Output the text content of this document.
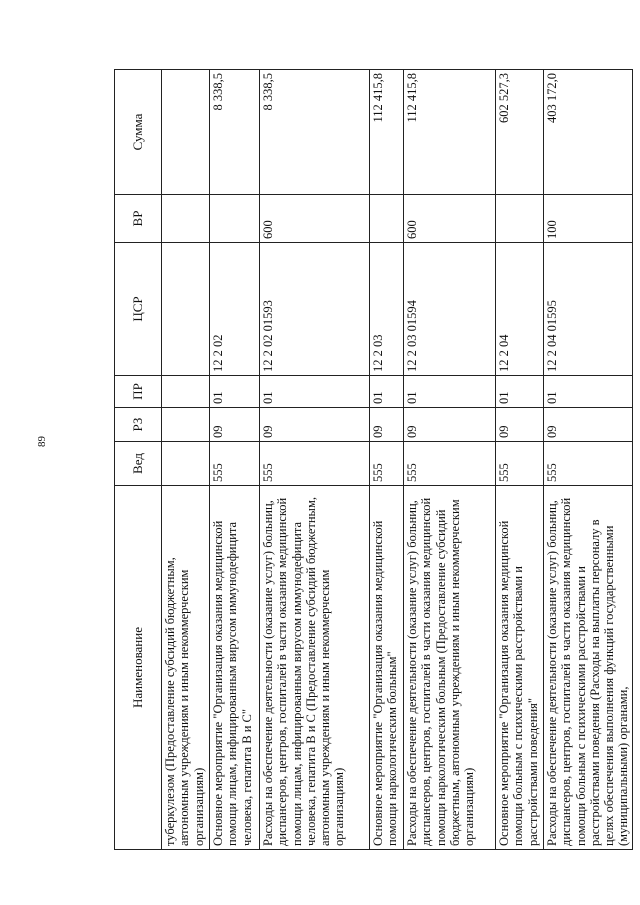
89
Наименование	Вед	РЗ	ПР	ЦСР	ВР	Сумма
туберкулезом (Предоставление субсидий бюджетным, автономным учреждениям и иным некоммерческим организациям)						
Основное мероприятие "Организация оказания медицинской помощи лицам, инфицированным вирусом иммунодефицита человека, гепатита В и С"	555	09	01	12 2 02		8 338,5
Расходы на обеспечение деятельности (оказание услуг) больниц, диспансеров, центров, госпиталей в части оказания медицинской помощи лицам, инфицированным вирусом иммунодефицита человека, гепатита В и С (Предоставление субсидий бюджетным, автономным учреждениям и иным некоммерческим организациям)	555	09	01	12 2 02 01593	600	8 338,5
Основное мероприятие "Организация оказания медицинской помощи наркологическим больным"	555	09	01	12 2 03		112 415,8
Расходы на обеспечение деятельности (оказание услуг) больниц, диспансеров, центров, госпиталей в части оказания медицинской помощи наркологическим больным (Предоставление субсидий бюджетным, автономным учреждениям и иным некоммерческим организациям)	555	09	01	12 2 03 01594	600	112 415,8
Основное мероприятие "Организация оказания медицинской помощи больным с психическими расстройствами и расстройствами поведения"	555	09	01	12 2 04		602 527,3
Расходы на обеспечение деятельности (оказание услуг) больниц, диспансеров, центров, госпиталей в части оказания медицинской помощи больным с психическими расстройствами и расстройствами поведения (Расходы на выплаты персоналу в целях обеспечения выполнения функций государственными (муниципальными) органами,	555	09	01	12 2 04 01595	100	403 172,0
